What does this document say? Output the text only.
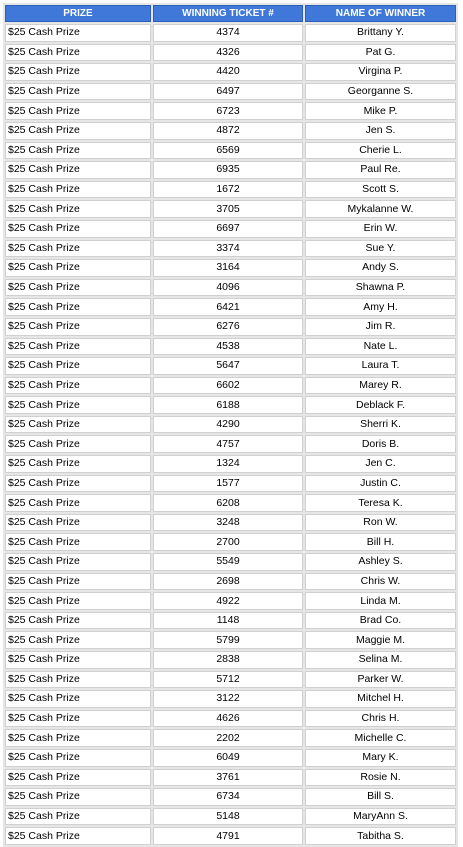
PRIZE	WINNING TICKET #	NAME OF WINNER
$25 Cash Prize	4374	Brittany Y.
$25 Cash Prize	4326	Pat G.
$25 Cash Prize	4420	Virgina P.
$25 Cash Prize	6497	Georganne S.
$25 Cash Prize	6723	Mike P.
$25 Cash Prize	4872	Jen S.
$25 Cash Prize	6569	Cherie L.
$25 Cash Prize	6935	Paul Re.
$25 Cash Prize	1672	Scott S.
$25 Cash Prize	3705	Mykalanne W.
$25 Cash Prize	6697	Erin W.
$25 Cash Prize	3374	Sue Y.
$25 Cash Prize	3164	Andy S.
$25 Cash Prize	4096	Shawna P.
$25 Cash Prize	6421	Amy H.
$25 Cash Prize	6276	Jim R.
$25 Cash Prize	4538	Nate L.
$25 Cash Prize	5647	Laura T.
$25 Cash Prize	6602	Marey R.
$25 Cash Prize	6188	Deblack F.
$25 Cash Prize	4290	Sherri K.
$25 Cash Prize	4757	Doris B.
$25 Cash Prize	1324	Jen C.
$25 Cash Prize	1577	Justin C.
$25 Cash Prize	6208	Teresa K.
$25 Cash Prize	3248	Ron W.
$25 Cash Prize	2700	Bill H.
$25 Cash Prize	5549	Ashley S.
$25 Cash Prize	2698	Chris W.
$25 Cash Prize	4922	Linda M.
$25 Cash Prize	1148	Brad Co.
$25 Cash Prize	5799	Maggie M.
$25 Cash Prize	2838	Selina M.
$25 Cash Prize	5712	Parker W.
$25 Cash Prize	3122	Mitchel H.
$25 Cash Prize	4626	Chris H.
$25 Cash Prize	2202	Michelle C.
$25 Cash Prize	6049	Mary K.
$25 Cash Prize	3761	Rosie N.
$25 Cash Prize	6734	Bill S.
$25 Cash Prize	5148	MaryAnn S.
$25 Cash Prize	4791	Tabitha S.
